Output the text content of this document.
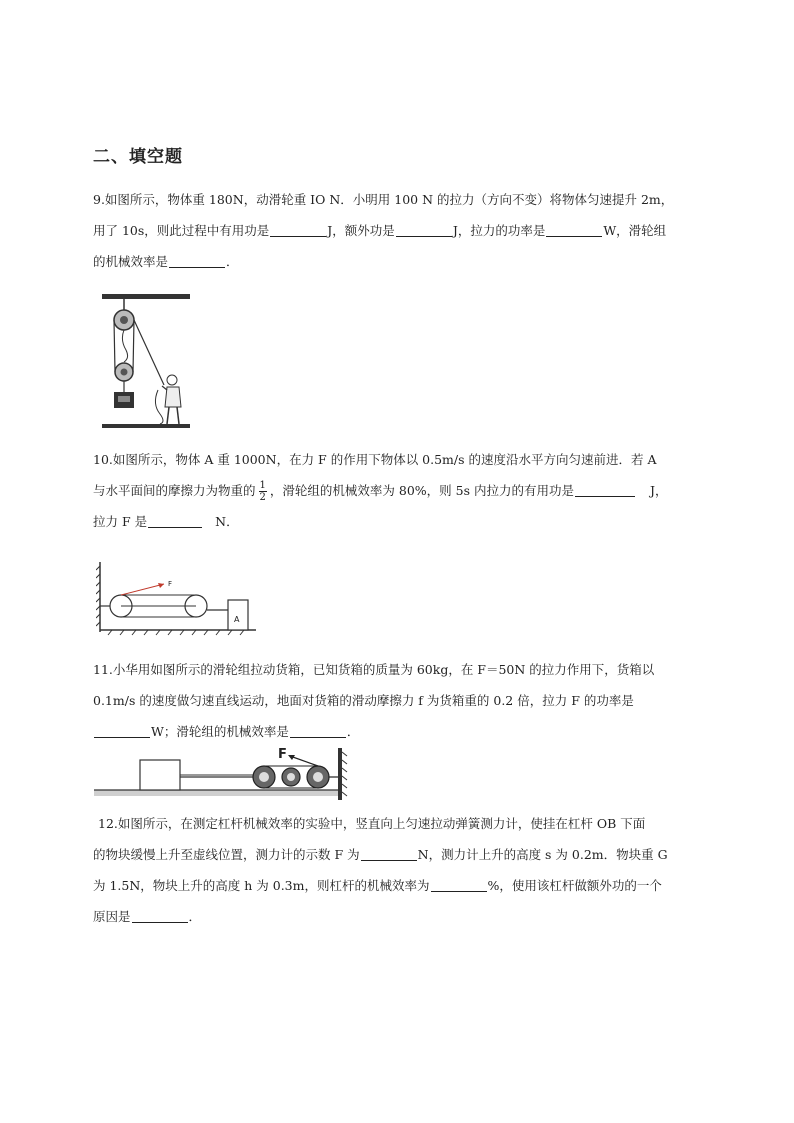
二、填空题
9.如图所示，物体重 180N，动滑轮重 IO N．小明用 100 N 的拉力（方向不变）将物体匀速提升 2m，
用了 10s，则此过程中有用功是	J，额外功是	J，拉力的功率是	W，滑轮组
的机械效率是	．
10.如图所示，物体 A 重 1000N，在力 F 的作用下物体以 0.5m/s 的速度沿水平方向匀速前进．若 A
与水平面间的摩擦力为物重的 $\frac{1}{2}$ ，滑轮组的机械效率为 80%，则 5s 内拉力的有用功是	J，
拉力 F 是	N．
A
F
11.小华用如图所示的滑轮组拉动货箱，已知货箱的质量为 60kg，在 F＝50N 的拉力作用下，货箱以
0.1m/s 的速度做匀速直线运动，地面对货箱的滑动摩擦力 f 为货箱重的 0.2 倍，拉力 F 的功率是
W；滑轮组的机械效率是	．
F
12.如图所示，在测定杠杆机械效率的实验中，竖直向上匀速拉动弹簧测力计，使挂在杠杆 OB 下面
的物块缓慢上升至虚线位置，测力计的示数 F 为	N，测力计上升的高度 s 为 0.2m．物块重 G
为 1.5N，物块上升的高度 h 为 0.3m，则杠杆的机械效率为	%，使用该杠杆做额外功的一个
原因是	．
